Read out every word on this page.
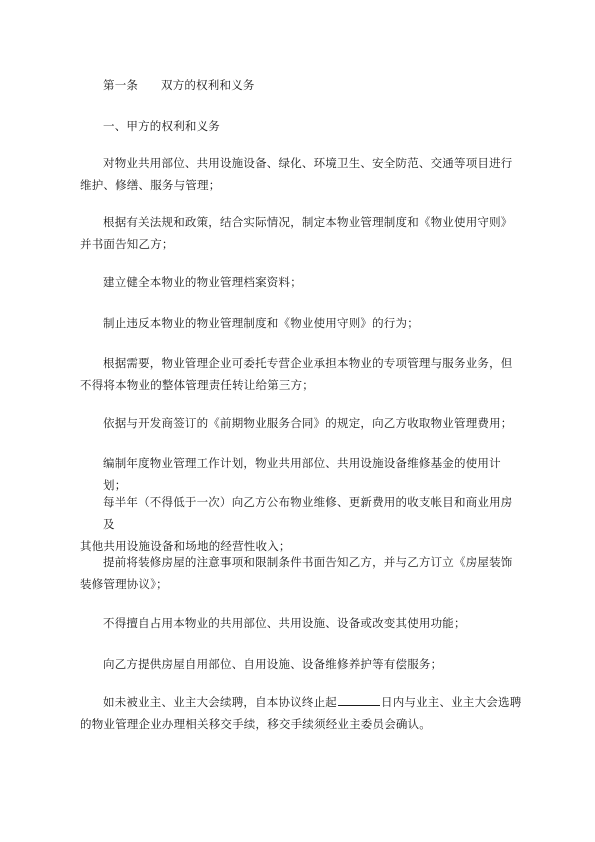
第一条 双方的权利和义务
一、甲方的权利和义务
对物业共用部位、共用设施设备、绿化、环境卫生、安全防范、交通等项目进行
维护、修缮、服务与管理；
根据有关法规和政策，结合实际情况，制定本物业管理制度和《物业使用守则》
并书面告知乙方；
建立健全本物业的物业管理档案资料；
制止违反本物业的物业管理制度和《物业使用守则》的行为；
根据需要，物业管理企业可委托专营企业承担本物业的专项管理与服务业务，但
不得将本物业的整体管理责任转让给第三方；
依据与开发商签订的《前期物业服务合同》的规定，向乙方收取物业管理费用；
编制年度物业管理工作计划，物业共用部位、共用设施设备维修基金的使用计划；
每半年（不得低于一次）向乙方公布物业维修、更新费用的收支帐目和商业用房及
其他共用设施设备和场地的经营性收入；
提前将装修房屋的注意事项和限制条件书面告知乙方，并与乙方订立《房屋装饰
装修管理协议》；
不得擅自占用本物业的共用部位、共用设施、设备或改变其使用功能；
向乙方提供房屋自用部位、自用设施、设备维修养护等有偿服务；
如未被业主、业主大会续聘，自本协议终止起	日内与业主、业主大会选聘
的物业管理企业办理相关移交手续，移交手续须经业主委员会确认。
